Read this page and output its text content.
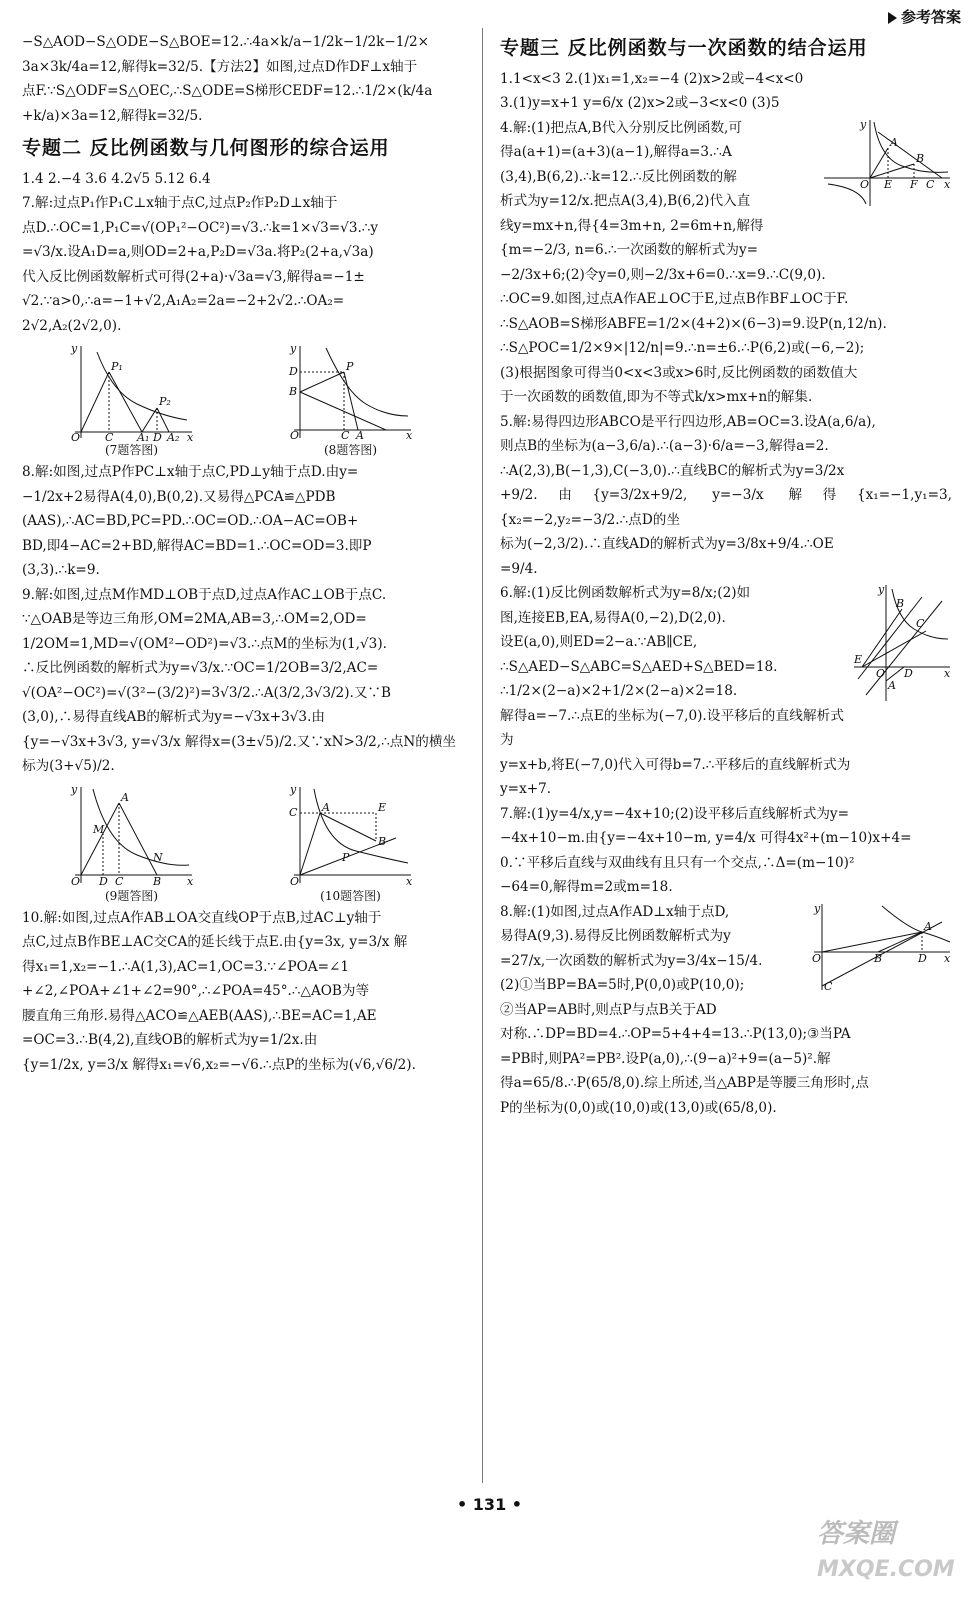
参考答案

−S△AOD−S△ODE−S△BOE=12.∴4a×k/a−1/2k−1/2k−1/2×

3a×3k/4a=12,解得k=32/5.【方法2】如图,过点D作DF⊥x轴于

点F.∵S△ODF=S△OEC,∴S△ODE=S梯形CEDF=12.∴1/2×(k/4a

+k/a)×3a=12,解得k=32/5.

专题二 反比例函数与几何图形的综合运用

1.4 2.−4 3.6 4.2√5 5.12 6.4

7.解:过点P₁作P₁C⊥x轴于点C,过点P₂作P₂D⊥x轴于

点D.∴OC=1,P₁C=√(OP₁²−OC²)=√3.∴k=1×√3=√3.∴y

=√3/x.设A₁D=a,则OD=2+a,P₂D=√3a.将P₂(2+a,√3a)

代入反比例函数解析式可得(2+a)·√3a=√3,解得a=−1±

√2.∵a>0,∴a=−1+√2,A₁A₂=2a=−2+2√2.∴OA₂=

2√2,A₂(2√2,0).

O C A₁ D A₂
P₁
P₂
x
y
(7题答图)
O
D
B
C A
P
x
y
(8题答图)

8.解:如图,过点P作PC⊥x轴于点C,PD⊥y轴于点D.由y=

−1/2x+2易得A(4,0),B(0,2).又易得△PCA≌△PDB

(AAS),∴AC=BD,PC=PD.∴OC=OD.∴OA−AC=OB+

BD,即4−AC=2+BD,解得AC=BD=1.∴OC=OD=3.即P

(3,3).∴k=9.

9.解:如图,过点M作MD⊥OB于点D,过点A作AC⊥OB于点C.

∵△OAB是等边三角形,OM=2MA,AB=3,∴OM=2,OD=

1/2OM=1,MD=√(OM²−OD²)=√3.∴点M的坐标为(1,√3).

∴反比例函数的解析式为y=√3/x.∵OC=1/2OB=3/2,AC=

√(OA²−OC²)=√(3²−(3/2)²)=3√3/2.∴A(3/2,3√3/2).又∵B

(3,0),∴易得直线AB的解析式为y=−√3x+3√3.由

{y=−√3x+3√3, y=√3/x 解得x=(3±√5)/2.又∵xN>3/2,∴点N的横坐

标为(3+√5)/2.

O D C	B
A
M
N
x
y
(9题答图)
O
C A	E
B
P
x
y
(10题答图)

10.解:如图,过点A作AB⊥OA交直线OP于点B,过AC⊥y轴于

点C,过点B作BE⊥AC交CA的延长线于点E.由{y=3x, y=3/x 解

得x₁=1,x₂=−1.∴A(1,3),AC=1,OC=3.∵∠POA=∠1

+∠2,∠POA+∠1+∠2=90°,∴∠POA=45°.∴△AOB为等

腰直角三角形.易得△ACO≌△AEB(AAS),∴BE=AC=1,AE

=OC=3.∴B(4,2),直线OB的解析式为y=1/2x.由

{y=1/2x, y=3/x 解得x₁=√6,x₂=−√6.∴点P的坐标为(√6,√6/2).

专题三 反比例函数与一次函数的结合运用

1.1<x<3 2.(1)x₁=1,x₂=−4 (2)x>2或−4<x<0

3.(1)y=x+1 y=6/x (2)x>2或−3<x<0 (3)5

O E F C
A
B
x
y

4.解:(1)把点A,B代入分别反比例函数,可

得a(a+1)=(a+3)(a−1),解得a=3.∴A

(3,4),B(6,2).∴k=12.∴反比例函数的解

析式为y=12/x.把点A(3,4),B(6,2)代入直

线y=mx+n,得{4=3m+n, 2=6m+n,解得

{m=−2/3, n=6.∴一次函数的解析式为y=

−2/3x+6;(2)令y=0,则−2/3x+6=0.∴x=9.∴C(9,0).

∴OC=9.如图,过点A作AE⊥OC于E,过点B作BF⊥OC于F.

∴S△AOB=S梯形ABFE=1/2×(4+2)×(6−3)=9.设P(n,12/n).

∴S△POC=1/2×9×|12/n|=9.∴n=±6.∴P(6,2)或(−6,−2);

(3)根据图象可得当0<x<3或x>6时,反比例函数的函数值大

于一次函数的函数值,即为不等式k/x>mx+n的解集.

5.解:易得四边形ABCO是平行四边形,AB=OC=3.设A(a,6/a),

则点B的坐标为(a−3,6/a).∴(a−3)·6/a=−3,解得a=2.

∴A(2,3),B(−1,3),C(−3,0).∴直线BC的解析式为y=3/2x

+9/2.由{y=3/2x+9/2, y=−3/x 解得{x₁=−1,y₁=3, {x₂=−2,y₂=−3/2.∴点D的坐

标为(−2,3/2).∴直线AD的解析式为y=3/8x+9/4.∴OE

=9/4.

E
O D
A
B
C
x
y

6.解:(1)反比例函数解析式为y=8/x;(2)如

图,连接EB,EA,易得A(0,−2),D(2,0).

设E(a,0),则ED=2−a.∵AB∥CE,

∴S△AED−S△ABC=S△AED+S△BED=18.

∴1/2×(2−a)×2+1/2×(2−a)×2=18.

解得a=−7.∴点E的坐标为(−7,0).设平移后的直线解析式为

y=x+b,将E(−7,0)代入可得b=7.∴平移后的直线解析式为

y=x+7.

7.解:(1)y=4/x,y=−4x+10;(2)设平移后直线解析式为y=

−4x+10−m.由{y=−4x+10−m, y=4/x 可得4x²+(m−10)x+4=

0.∵平移后直线与双曲线有且只有一个交点,∴Δ=(m−10)²

−64=0,解得m=2或m=18.

O	B	D
A
C
x
y

8.解:(1)如图,过点A作AD⊥x轴于点D,

易得A(9,3).易得反比例函数解析式为y

=27/x,一次函数的解析式为y=3/4x−15/4.

(2)①当BP=BA=5时,P(0,0)或P(10,0);

②当AP=AB时,则点P与点B关于AD

对称.∴DP=BD=4.∴OP=5+4+4=13.∴P(13,0);③当PA

=PB时,则PA²=PB².设P(a,0),∴(9−a)²+9=(a−5)².解

得a=65/8.∴P(65/8,0).综上所述,当△ABP是等腰三角形时,点

P的坐标为(0,0)或(10,0)或(13,0)或(65/8,0).

• 131 •
答案圈
MXQE.COM
